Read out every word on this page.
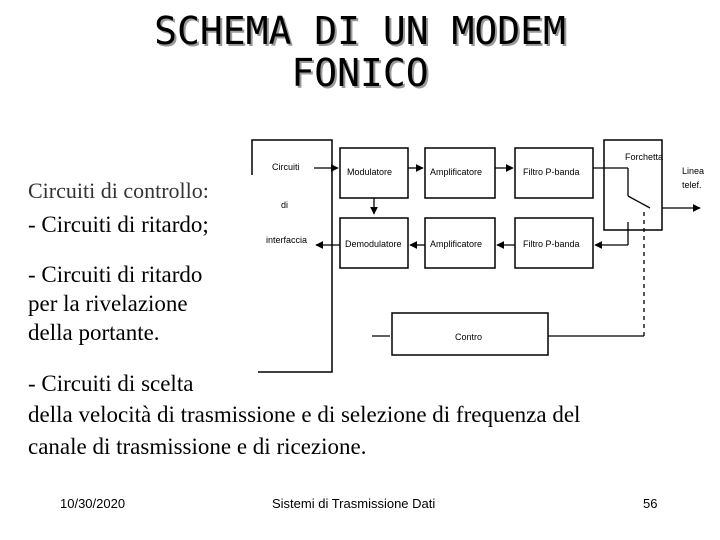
SCHEMA DI UN MODEM
FONICO
Circuiti
di
interfaccia
Modulatore	Amplificatore	Filtro P-banda
Demodulatore	Amplificatore	Filtro P-banda
Forchetta
Linea
telef.
Contro
Circuiti di controllo:
- Circuiti di ritardo;
- Circuiti di ritardo
per la rivelazione
della portante.
- Circuiti di scelta
della velocità di trasmissione e di selezione di frequenza del
canale di trasmissione e di ricezione.
10/30/2020	Sistemi di Trasmissione Dati	56
